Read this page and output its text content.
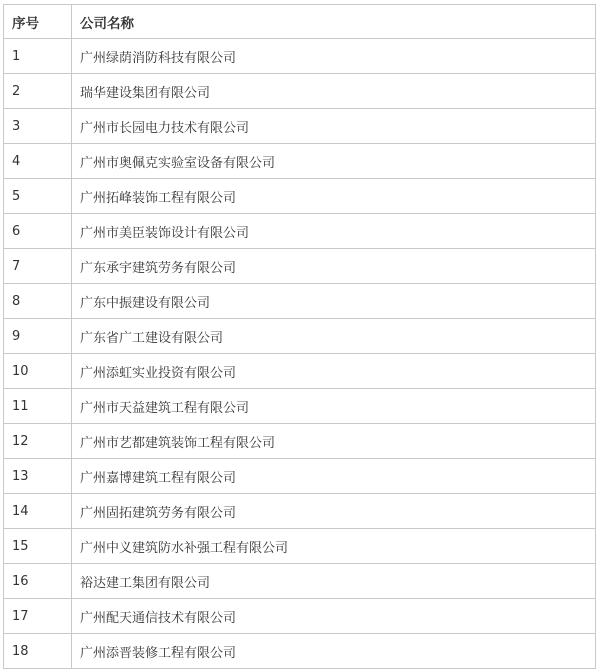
序号	公司名称
1	广州绿荫消防科技有限公司
2	瑞华建设集团有限公司
3	广州市长园电力技术有限公司
4	广州市奥佩克实验室设备有限公司
5	广州拓峰装饰工程有限公司
6	广州市美臣装饰设计有限公司
7	广东承宇建筑劳务有限公司
8	广东中振建设有限公司
9	广东省广工建设有限公司
10	广州添虹实业投资有限公司
11	广州市天益建筑工程有限公司
12	广州市艺都建筑装饰工程有限公司
13	广州嘉博建筑工程有限公司
14	广州固拓建筑劳务有限公司
15	广州中义建筑防水补强工程有限公司
16	裕达建工集团有限公司
17	广州配天通信技术有限公司
18	广州添晋装修工程有限公司
